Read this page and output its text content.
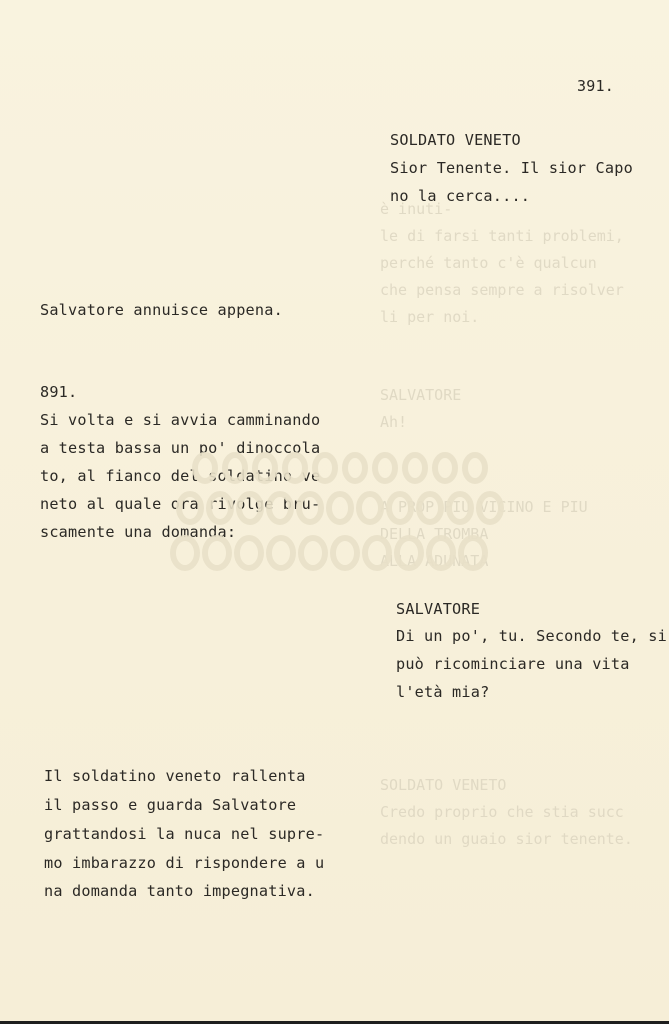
è inuti-
le di farsi tanti problemi,
perché tanto c'è qualcun
che pensa sempre a risolver
li per noi.
SALVATORE
Ah!
A PROP PIU VICINO E PIU
DELLA TROMBA
ALLA ADUNATA
SOLDATO VENETO
Credo proprio che stia succ
dendo un guaio sior tenente.
391.
SOLDATO VENETO
Sior Tenente. Il sior Capo
no la cerca....
SALVATORE
Di un po', tu. Secondo te, si
può ricominciare una vita
l'età mia?
Salvatore annuisce appena.
891.
Si volta e si avvia camminando
a testa bassa un po' dinoccola
to, al fianco del soldatino ve
neto al quale ora rivolge bru-
scamente una domanda:
Il soldatino veneto rallenta
il passo e guarda Salvatore
grattandosi la nuca nel supre-
mo imbarazzo di rispondere a u
na domanda tanto impegnativa.
